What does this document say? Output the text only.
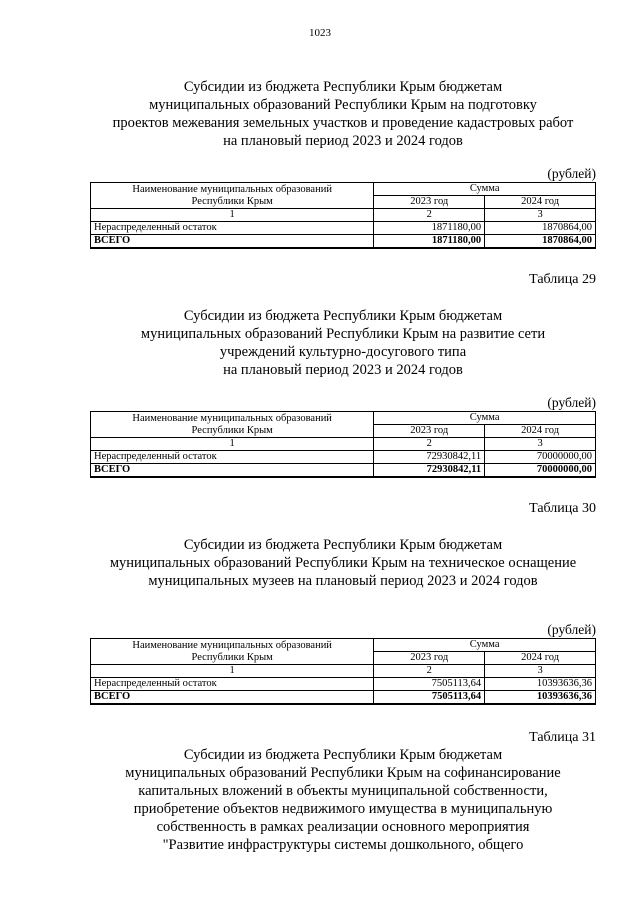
1023
Субсидии из бюджета Республики Крым бюджетам
муниципальных образований Республики Крым на подготовку
проектов межевания земельных участков и проведение кадастровых работ
на плановый период 2023 и 2024 годов
(рублей)
Наименование муниципальных образований
Республики Крым	Сумма	
	2023 год	2024 год
1	2	3
Нераспределенный остаток	1871180,00	1870864,00
ВСЕГО	1871180,00	1870864,00
Таблица 29
Субсидии из бюджета Республики Крым бюджетам
муниципальных образований Республики Крым на развитие сети
учреждений культурно-досугового типа
на плановый период 2023 и 2024 годов
(рублей)
Наименование муниципальных образований
Республики Крым	Сумма	
	2023 год	2024 год
1	2	3
Нераспределенный остаток	72930842,11	70000000,00
ВСЕГО	72930842,11	70000000,00
Таблица 30
Субсидии из бюджета Республики Крым бюджетам
муниципальных образований Республики Крым на техническое оснащение
муниципальных музеев на плановый период 2023 и 2024 годов
(рублей)
Наименование муниципальных образований
Республики Крым	Сумма	
	2023 год	2024 год
1	2	3
Нераспределенный остаток	7505113,64	10393636,36
ВСЕГО	7505113,64	10393636,36
Таблица 31
Субсидии из бюджета Республики Крым бюджетам
муниципальных образований Республики Крым на софинансирование
капитальных вложений в объекты муниципальной собственности,
приобретение объектов недвижимого имущества в муниципальную
собственность в рамках реализации основного мероприятия
"Развитие инфраструктуры системы дошкольного, общего
